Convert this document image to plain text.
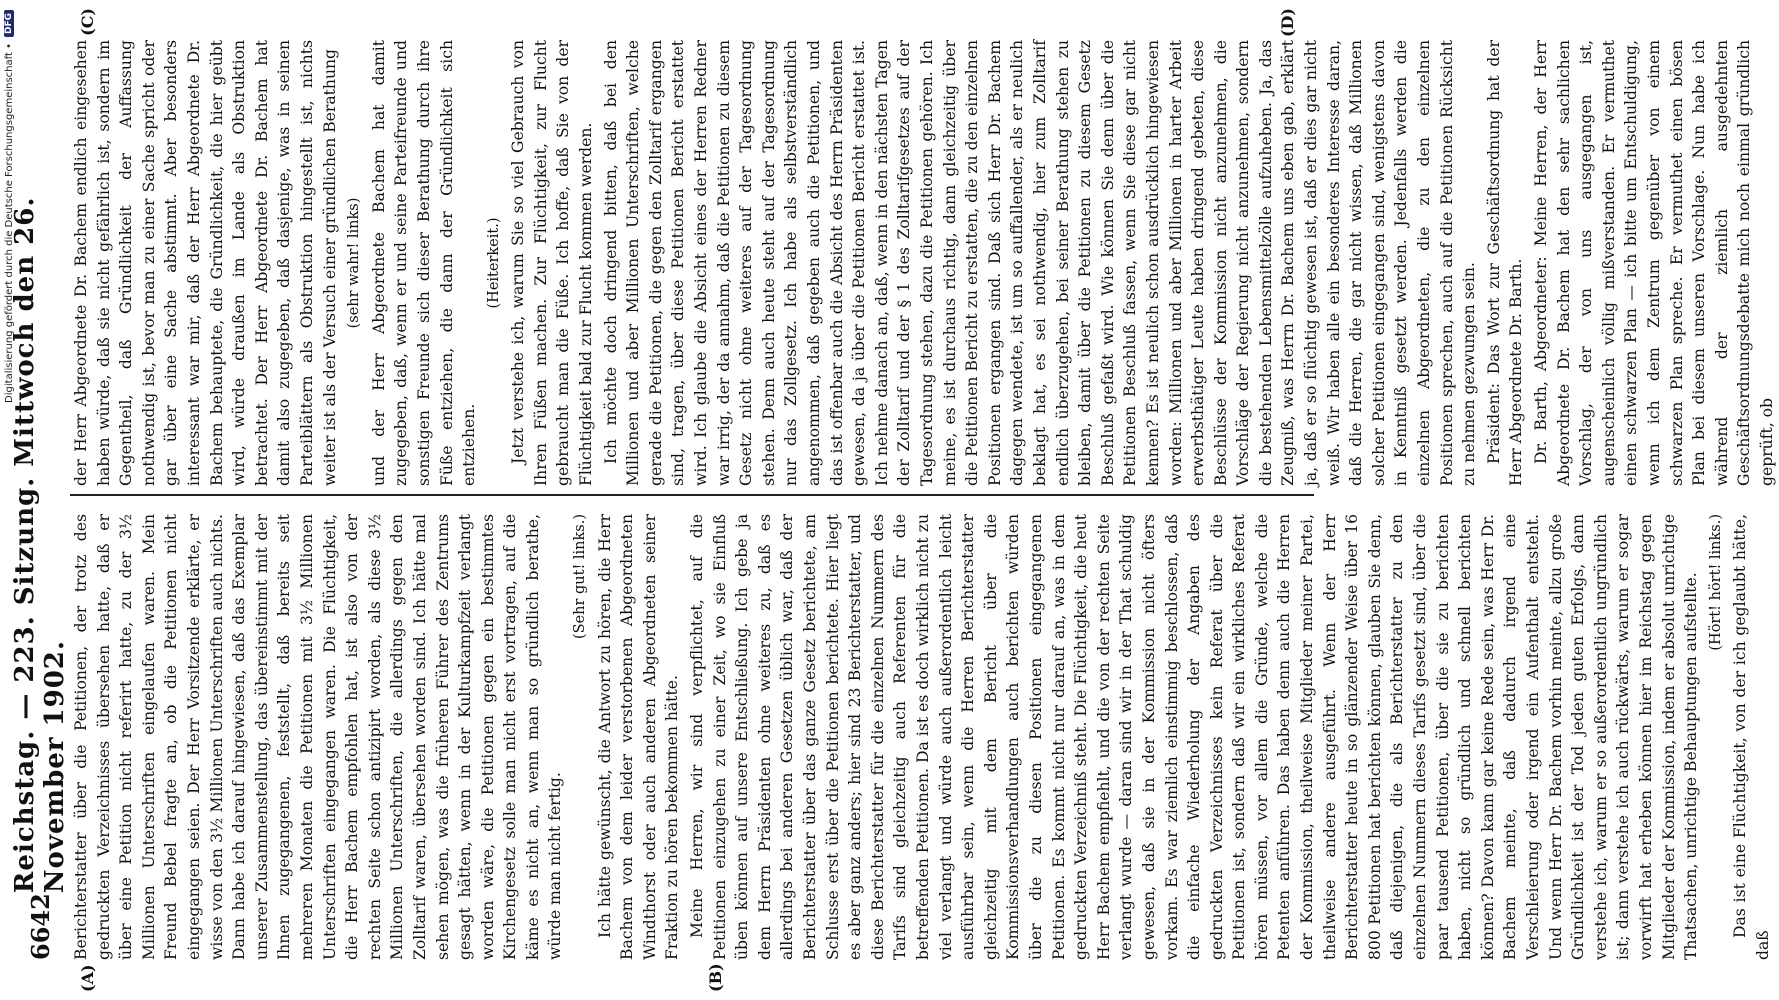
6642
Reichstag. — 223. Sitzung. Mittwoch den 26. November 1902.
(A)	(B)
(C)	(D)

Berichterstatter über die Petitionen, der trotz des gedruckten Verzeichnisses übersehen hatte, daß er über eine Petition nicht referirt hatte, zu der 3½ Millionen Unterschriften eingelaufen waren. Mein Freund Bebel fragte an, ob die Petitionen nicht eingegangen seien. Der Herr Vorsitzende erklärte, er wisse von den 3½ Millionen Unterschriften auch nichts. Dann habe ich darauf hingewiesen, daß das Exemplar unserer Zusammenstellung, das übereinstimmt mit der Ihnen zugegangenen, feststellt, daß bereits seit mehreren Monaten die Petitionen mit 3½ Millionen Unterschriften eingegangen waren. Die Flüchtigkeit, die Herr Bachem empfohlen hat, ist also von der rechten Seite schon antizipirt worden, als diese 3½ Millionen Unterschriften, die allerdings gegen den Zolltarif waren, übersehen worden sind. Ich hätte mal sehen mögen, was die früheren Führer des Zentrums gesagt hätten, wenn in der Kulturkampfzeit verlangt worden wäre, die Petitionen gegen ein bestimmtes Kirchengesetz solle man nicht erst vortragen, auf die käme es nicht an, wenn man so gründlich berathe, würde man nicht fertig.

(Sehr gut! links.) Ich hätte gewünscht, die Antwort zu hören, die Herr Bachem von dem leider verstorbenen Abgeordneten Windthorst oder auch anderen Abgeordneten seiner Fraktion zu hören bekommen hätte. Meine Herren, wir sind verpflichtet, auf die Petitionen einzugehen zu einer Zeit, wo sie Einfluß üben können auf unsere Entschließung. Ich gebe ja dem Herrn Präsidenten ohne weiteres zu, daß es allerdings bei anderen Gesetzen üblich war, daß der Berichterstatter über das ganze Gesetz berichtete, am Schlusse erst über die Petitionen berichtete. Hier liegt es aber ganz anders; hier sind 23 Berichterstatter, und diese Berichterstatter für die einzelnen Nummern des Tarifs sind gleichzeitig auch Referenten für die betreffenden Petitionen. Da ist es doch wirklich nicht zu viel verlangt und würde auch außerordentlich leicht ausführbar sein, wenn die Herren Berichterstatter gleichzeitig mit dem Bericht über die Kommissionsverhandlungen auch berichten würden über die zu diesen Positionen eingegangenen Petitionen. Es kommt nicht nur darauf an, was in dem gedruckten Verzeichniß steht. Die Flüchtigkeit, die heut Herr Bachem empfiehlt, und die von der rechten Seite verlangt wurde — daran sind wir in der That schuldig gewesen, daß sie in der Kommission nicht öfters vorkam. Es war ziemlich einstimmig beschlossen, daß die einfache Wiederholung der Angaben des gedruckten Verzeichnisses kein Referat über die Petitionen ist, sondern daß wir ein wirkliches Referat hören müssen, vor allem die Gründe, welche die Petenten anführen. Das haben denn auch die Herren der Kommission, theilweise Mitglieder meiner Partei, theilweise andere ausgeführt. Wenn der Herr Berichterstatter heute in so glänzender Weise über 16 800 Petitionen hat berichten können, glauben Sie denn, daß diejenigen, die als Berichterstatter zu den einzelnen Nummern dieses Tarifs gesetzt sind, über die paar tausend Petitionen, über die sie zu berichten haben, nicht so gründlich und schnell berichten können? Davon kann gar keine Rede sein, was Herr Dr. Bachem meinte, daß dadurch irgend eine Verschleierung oder irgend ein Aufenthalt entsteht. Und wenn Herr Dr. Bachem vorhin meinte, allzu große Gründlichkeit ist der Tod jeden guten Erfolgs, dann verstehe ich, warum er so außerordentlich ungründlich ist; dann verstehe ich auch rückwärts, warum er sogar vorwirft hat erheben können hier im Reichstag gegen Mitglieder der Kommission, indem er absolut unrichtige Thatsachen, unrichtige Behauptungen aufstellte. (Hört! hört! links.) Das ist eine Flüchtigkeit, von der ich geglaubt hätte, daß

der Herr Abgeordnete Dr. Bachem endlich eingesehen haben würde, daß sie nicht gefährlich ist, sondern im Gegentheil, daß Gründlichkeit der Auffassung nothwendig ist, bevor man zu einer Sache spricht oder gar über eine Sache abstimmt. Aber besonders interessant war mir, daß der Herr Abgeordnete Dr. Bachem behauptete, die Gründlichkeit, die hier geübt wird, würde draußen im Lande als Obstruktion betrachtet. Der Herr Abgeordnete Dr. Bachem hat damit also zugegeben, daß dasjenige, was in seinen Parteiblättern als Obstruktion hingestellt ist, nichts weiter ist als der Versuch einer gründlichen Berathung (sehr wahr! links) und der Herr Abgeordnete Bachem hat damit zugegeben, daß, wenn er und seine Parteifreunde und sonstigen Freunde sich dieser Berathung durch ihre Füße entziehen, die dann der Gründlichkeit sich entziehen.

(Heiterkeit.) Jetzt verstehe ich, warum Sie so viel Gebrauch von Ihren Füßen machen. Zur Flüchtigkeit, zur Flucht gebraucht man die Füße. Ich hoffe, daß Sie von der Flüchtigkeit bald zur Flucht kommen werden. Ich möchte doch dringend bitten, daß bei den Millionen und aber Millionen Unterschriften, welche gerade die Petitionen, die gegen den Zolltarif ergangen sind, tragen, über diese Petitionen Bericht erstattet wird. Ich glaube die Absicht eines der Herren Redner war irrig, der da annahm, daß die Petitionen zu diesem Gesetz nicht ohne weiteres auf der Tagesordnung stehen. Denn auch heute steht auf der Tagesordnung nur das Zollgesetz. Ich habe als selbstverständlich angenommen, daß gegeben auch die Petitionen, und das ist offenbar auch die Absicht des Herrn Präsidenten gewesen, da ja über die Petitionen Bericht erstattet ist. Ich nehme danach an, daß, wenn in den nächsten Tagen der Zolltarif und der § 1 des Zolltarifgesetzes auf der Tagesordnung stehen, dazu die Petitionen gehören. Ich meine, es ist durchaus richtig, dann gleichzeitig über die Petitionen Bericht zu erstatten, die zu den einzelnen Positionen ergangen sind. Daß sich Herr Dr. Bachem dagegen wendete, ist um so auffallender, als er neulich beklagt hat, es sei nothwendig, hier zum Zolltarif endlich überzugehen, bei seiner Berathung stehen zu bleiben, damit über die Petitionen zu diesem Gesetz Beschluß gefaßt wird. Wie können Sie denn über die Petitionen Beschluß fassen, wenn Sie diese gar nicht kennen? Es ist neulich schon ausdrücklich hingewiesen worden: Millionen und aber Millionen in harter Arbeit erwerbsthätiger Leute haben dringend gebeten, diese Beschlüsse der Kommission nicht anzunehmen, die Vorschläge der Regierung nicht anzunehmen, sondern die bestehenden Lebensmittelzölle aufzuheben. Ja, das Zeugniß, was Herrn Dr. Bachem uns eben gab, erklärt ja, daß er so flüchtig gewesen ist, daß er dies gar nicht weiß. Wir haben alle ein besonderes Interesse daran, daß die Herren, die gar nicht wissen, daß Millionen solcher Petitionen eingegangen sind, wenigstens davon in Kenntniß gesetzt werden. Jedenfalls werden die einzelnen Abgeordneten, die zu den einzelnen Positionen sprechen, auch auf die Petitionen Rücksicht zu nehmen gezwungen sein. Präsident: Das Wort zur Geschäftsordnung hat der Herr Abgeordnete Dr. Barth. Dr. Barth, Abgeordneter: Meine Herren, der Herr Abgeordnete Dr. Bachem hat den sehr sachlichen Vorschlag, der von uns ausgegangen ist, augenscheinlich völlig mißverstanden. Er vermuthet einen schwarzen Plan — ich bitte um Entschuldigung, wenn ich dem Zentrum gegenüber von einem schwarzen Plan spreche. Er vermuthet einen bösen Plan bei diesem unseren Vorschlage. Nun habe ich während der ziemlich ausgedehnten Geschäftsordnungsdebatte mich noch einmal gründlich geprüft, ob

Digitalisierung gefördert durch die Deutsche Forschungsgemeinschaft •
DFG
